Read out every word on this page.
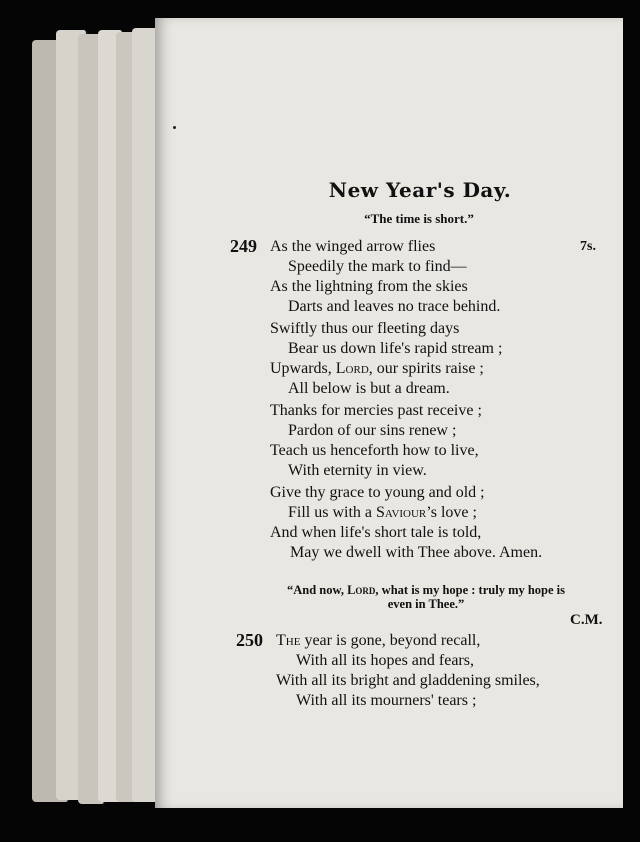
New Year's Day.
“The time is short.”
249	7s.
As the winged arrow flies
Speedily the mark to find—
As the lightning from the skies
Darts and leaves no trace behind.
Swiftly thus our fleeting days
Bear us down life's rapid stream ;
Upwards, Lord, our spirits raise ;
All below is but a dream.
Thanks for mercies past receive ;
Pardon of our sins renew ;
Teach us henceforth how to live,
With eternity in view.
Give thy grace to young and old ;
Fill us with a Saviour’s love ;
And when life's short tale is told,
May we dwell with Thee above. Amen.
“And now, Lord, what is my hope : truly my hope is
even in Thee.”
C.M.
250 The year is gone, beyond recall,
With all its hopes and fears,
With all its bright and gladdening smiles,
With all its mourners' tears ;
